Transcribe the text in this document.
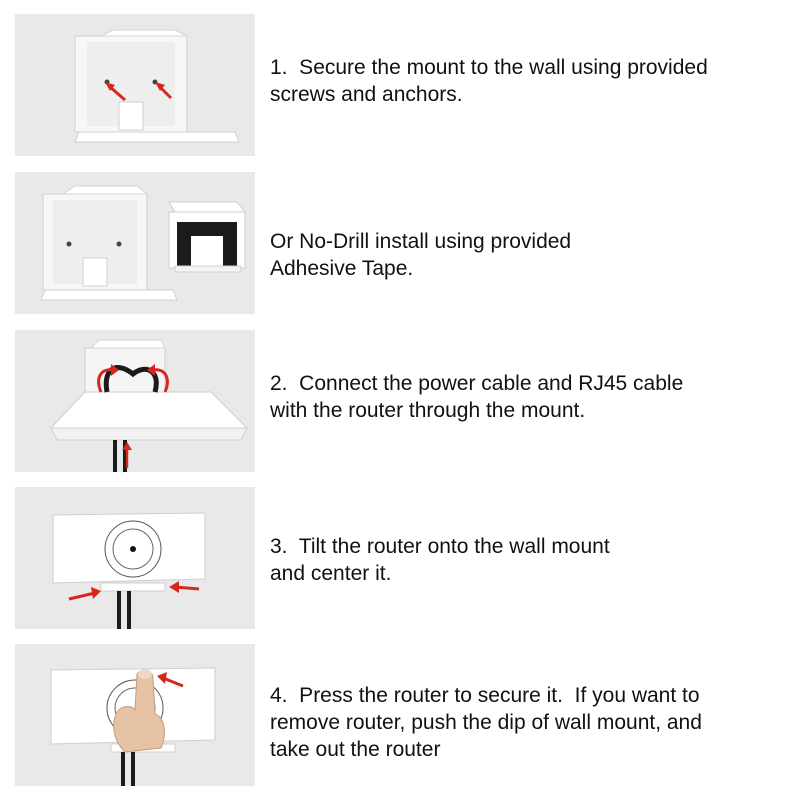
1.  Secure the mount to the wall using provided
screws and anchors.
Or No-Drill install using provided
Adhesive Tape.
2.  Connect the power cable and RJ45 cable
with the router through the mount.
3.  Tilt the router onto the wall mount
and center it.
4.  Press the router to secure it.  If you want to
remove router, push the dip of wall mount, and
take out the router
